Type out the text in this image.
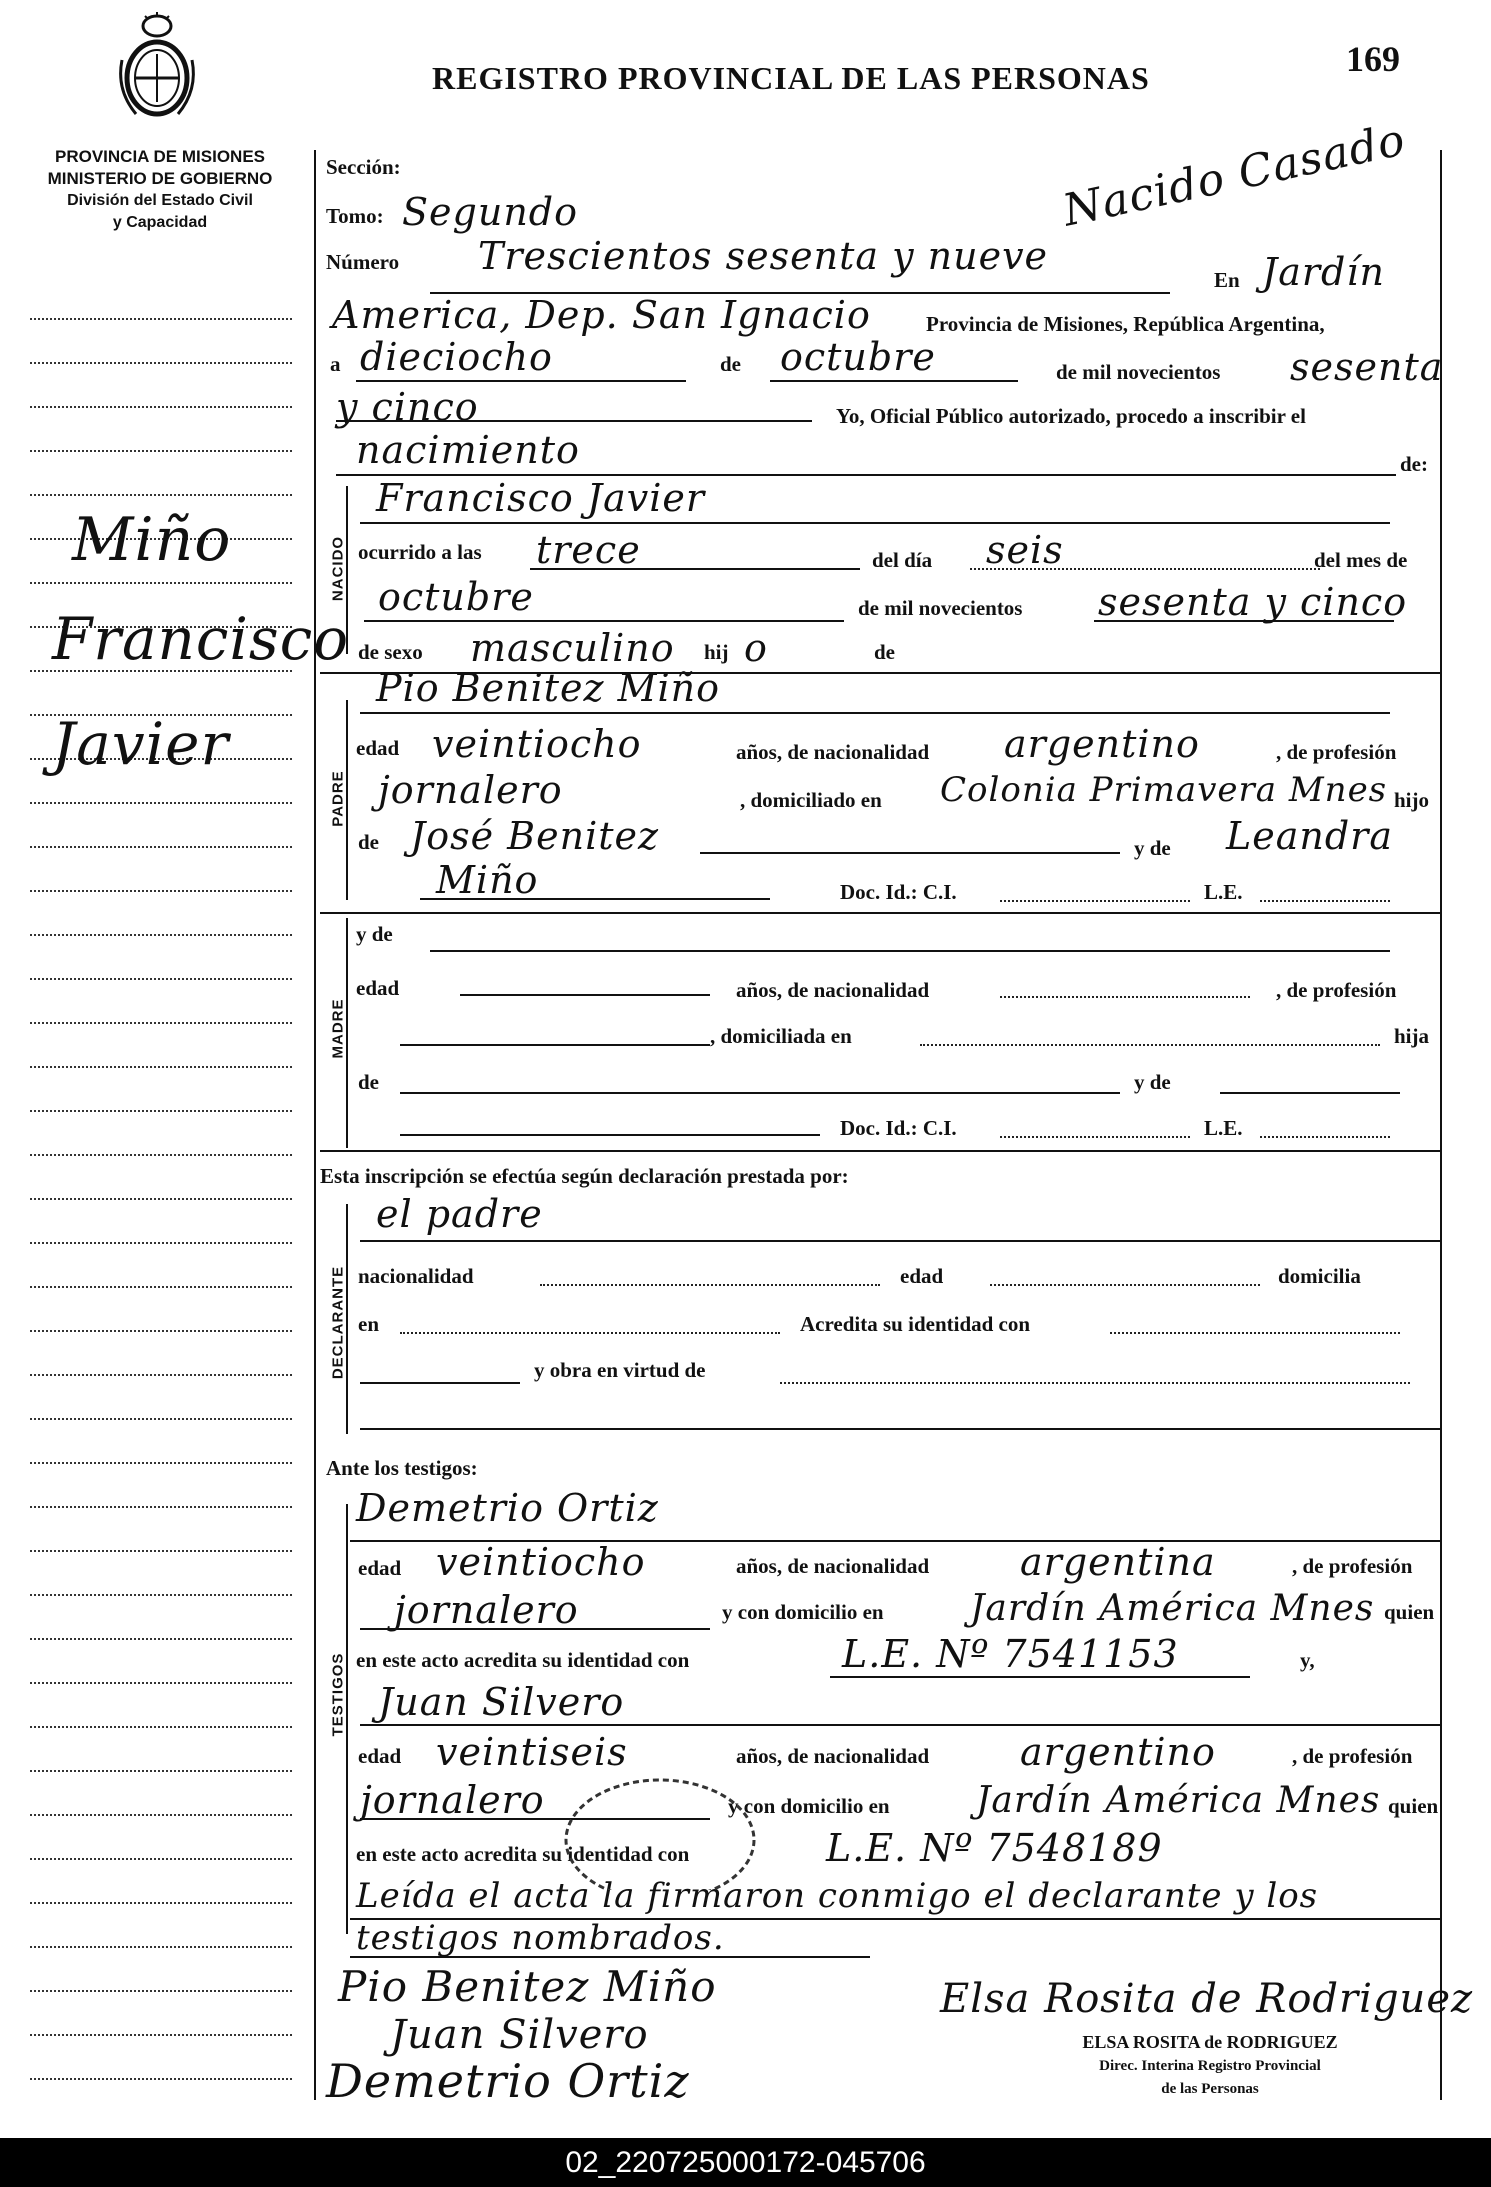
PROVINCIA DE MISIONES
MINISTERIO DE GOBIERNO
División del Estado Civil
y Capacidad
REGISTRO PROVINCIAL DE LAS PERSONAS	169
Nacido Casado
Miño
Francisco
Javier
Sección:
Tomo: Segundo
Número Trescientos sesenta y nueve
En Jardín
America, Dep. San Ignacio	Provincia de Misiones, República Argentina,
a dieciocho	de octubre	de mil novecientos sesenta
y cinco	Yo, Oficial Público autorizado, procedo a inscribir el
nacimiento	de:
NACIDO
Francisco Javier
ocurrido a las trece	del día seis	del mes de
octubre	de mil novecientos sesenta y cinco
de sexo masculino hij o	de
PADRE
Pio Benitez Miño
edad veintiocho	años, de nacionalidad argentino	, de profesión
jornalero	, domiciliado en Colonia Primavera Mnes hijo
de José Benitez	y de Leandra
Miño	Doc. Id.: C.I.	L.E.
MADRE
y de
edad	años, de nacionalidad	, de profesión
, domiciliada en	hija
de	y de
Doc. Id.: C.I.	L.E.
Esta inscripción se efectúa según declaración prestada por:
DECLARANTE
el padre
nacionalidad	edad	domicilia
en	Acredita su identidad con
y obra en virtud de
Ante los testigos:
TESTIGOS
Demetrio Ortiz
edad veintiocho	años, de nacionalidad argentina	, de profesión
jornalero	y con domicilio en Jardín América Mnes quien
en este acto acredita su identidad con	L.E. Nº 7541153	y,
Juan Silvero
edad veintiseis	años, de nacionalidad argentino	, de profesión
jornalero	y con domicilio en Jardín América Mnes quien
en este acto acredita su identidad con	L.E. Nº 7548189
Leída el acta la firmaron conmigo el declarante y los
testigos nombrados.
Pio Benitez Miño
Juan Silvero
Demetrio Ortiz
Elsa Rosita de Rodriguez
ELSA ROSITA de RODRIGUEZ
Direc. Interina Registro Provincial
de las Personas
02_220725000172-045706
